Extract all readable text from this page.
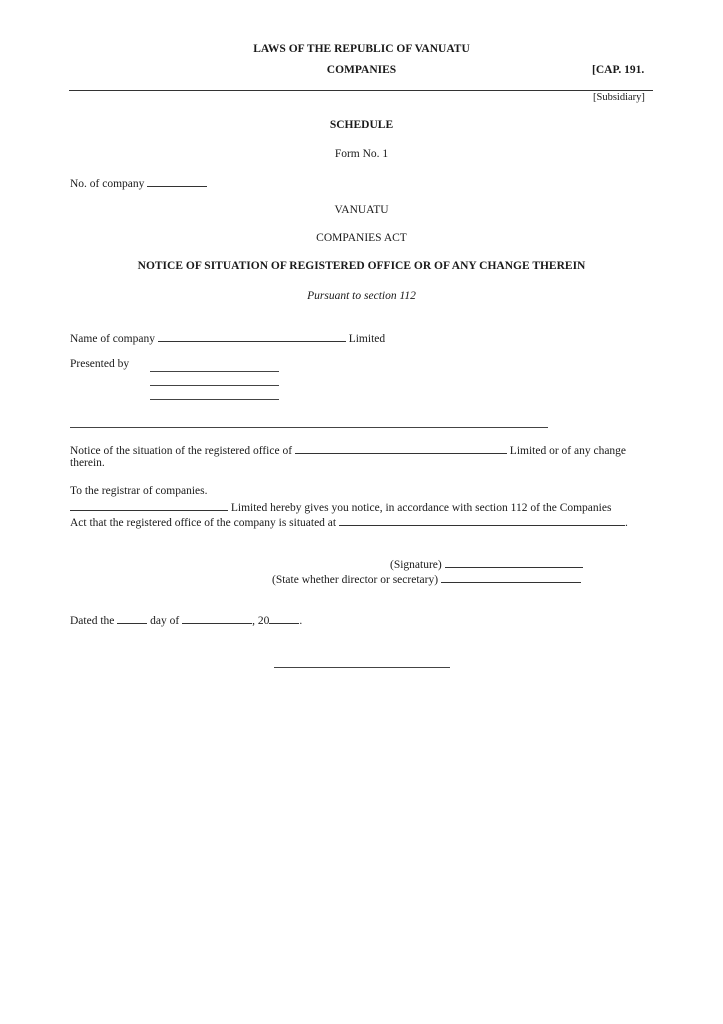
LAWS OF THE REPUBLIC OF VANUATU
COMPANIES	[CAP. 191.
[Subsidiary]
SCHEDULE
Form No. 1
No. of company
VANUATU
COMPANIES ACT
NOTICE OF SITUATION OF REGISTERED OFFICE OR OF ANY CHANGE THEREIN
Pursuant to section 112
Name of company	Limited
Presented by
Notice of the situation of the registered office of	Limited or of any change
therein.
To the registrar of companies.
Limited hereby gives you notice, in accordance with section 112 of the Companies
Act that the registered office of the company is situated at	.
(Signature)
(State whether director or secretary)
Dated the	day of	, 20	.
